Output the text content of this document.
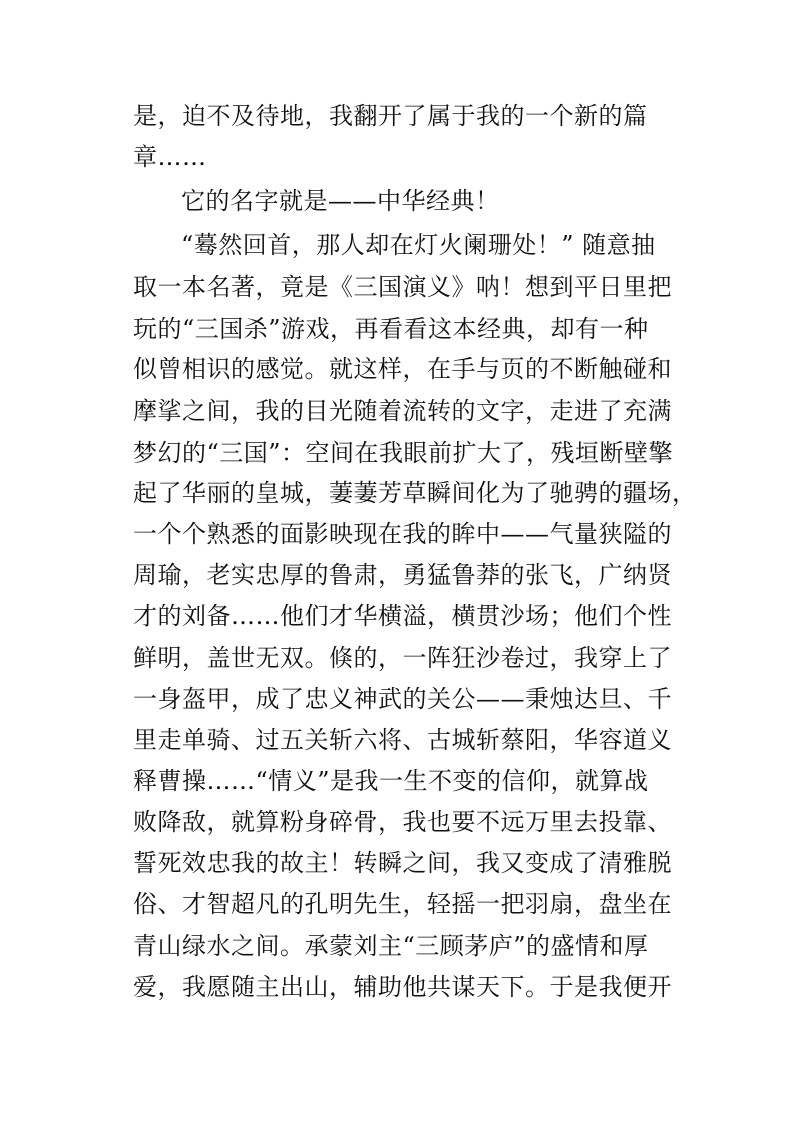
是，迫不及待地，我翻开了属于我的一个新的篇
章……
它的名字就是——中华经典！
“蓦然回首，那人却在灯火阑珊处！” 随意抽
取一本名著，竟是《三国演义》呐！想到平日里把
玩的“三国杀”游戏，再看看这本经典，却有一种
似曾相识的感觉。就这样，在手与页的不断触碰和
摩挲之间，我的目光随着流转的文字，走进了充满
梦幻的“三国”：空间在我眼前扩大了，残垣断壁擎
起了华丽的皇城，萋萋芳草瞬间化为了驰骋的疆场，
一个个熟悉的面影映现在我的眸中——气量狭隘的
周瑜，老实忠厚的鲁肃，勇猛鲁莽的张飞，广纳贤
才的刘备……他们才华横溢，横贯沙场；他们个性
鲜明，盖世无双。倏的，一阵狂沙卷过，我穿上了
一身盔甲，成了忠义神武的关公——秉烛达旦、千
里走单骑、过五关斩六将、古城斩蔡阳，华容道义
释曹操……“情义”是我一生不变的信仰，就算战
败降敌，就算粉身碎骨，我也要不远万里去投靠、
誓死效忠我的故主！转瞬之间，我又变成了清雅脱
俗、才智超凡的孔明先生，轻摇一把羽扇，盘坐在
青山绿水之间。承蒙刘主“三顾茅庐”的盛情和厚
爱，我愿随主出山，辅助他共谋天下。于是我便开
